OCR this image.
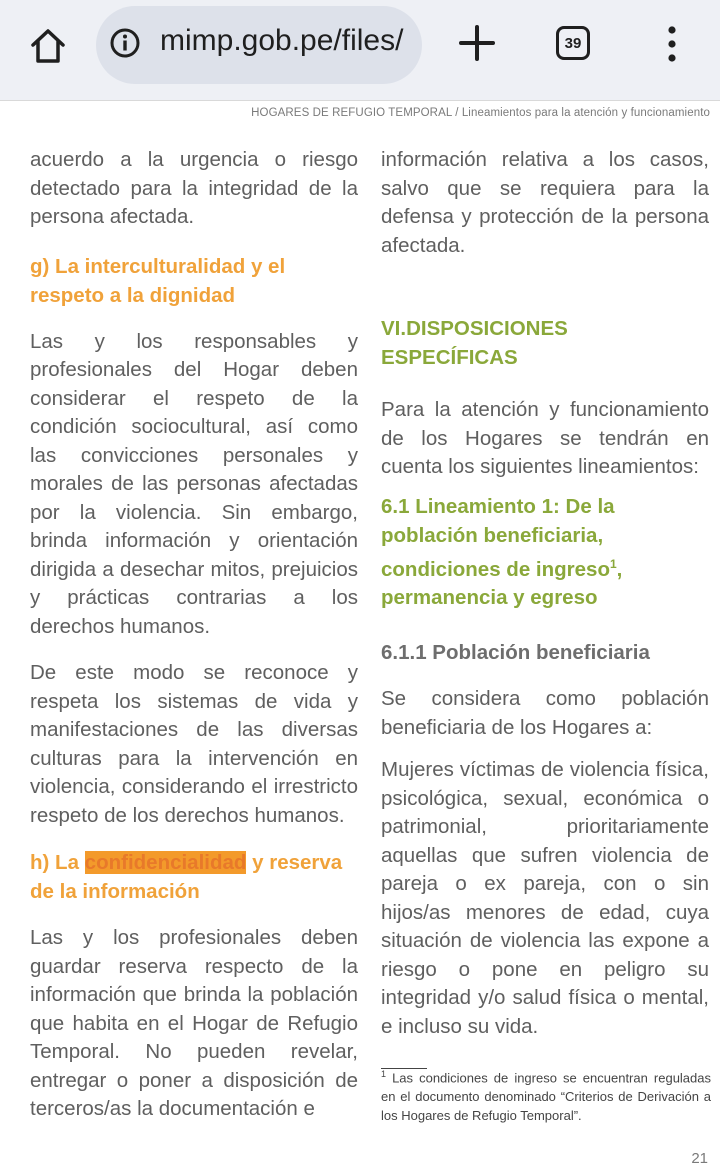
mimp.gob.pe/files/	39
HOGARES DE REFUGIO TEMPORAL / Lineamientos para la atención y funcionamiento

acuerdo a la urgencia o riesgo detectado para la integridad de la persona afectada.

g) La interculturalidad y el respeto a la dignidad

Las y los responsables y profesionales del Hogar deben considerar el respeto de la condición sociocultural, así como las convicciones personales y morales de las personas afectadas por la violencia. Sin embargo, brinda información y orientación dirigida a desechar mitos, prejuicios y prácticas contrarias a los derechos humanos.

De este modo se reconoce y respeta los sistemas de vida y manifestaciones de las diversas culturas para la intervención en violencia, considerando el irrestricto respeto de los derechos humanos.

h) La confidencialidad y reserva de la información

Las y los profesionales deben guardar reserva respecto de la información que brinda la población que habita en el Hogar de Refugio Temporal. No pueden revelar, entregar o poner a disposición de terceros/as la documentación e

información relativa a los casos, salvo que se requiera para la defensa y protección de la persona afectada.

VI.DISPOSICIONES ESPECÍFICAS

Para la atención y funcionamiento de los Hogares se tendrán en cuenta los siguientes lineamientos:

6.1 Lineamiento 1: De la población beneficiaria, condiciones de ingreso$^1$, permanencia y egreso

6.1.1 Población beneficiaria

Se considera como población beneficiaria de los Hogares a:

Mujeres víctimas de violencia física, psicológica, sexual, económica o patrimonial, prioritariamente aquellas que sufren violencia de pareja o ex pareja, con o sin hijos/as menores de edad, cuya situación de violencia las expone a riesgo o pone en peligro su integridad y/o salud física o mental, e incluso su vida.

$^1$ Las condiciones de ingreso se encuentran reguladas en el documento denominado “Criterios de Derivación a los Hogares de Refugio Temporal”.
21
